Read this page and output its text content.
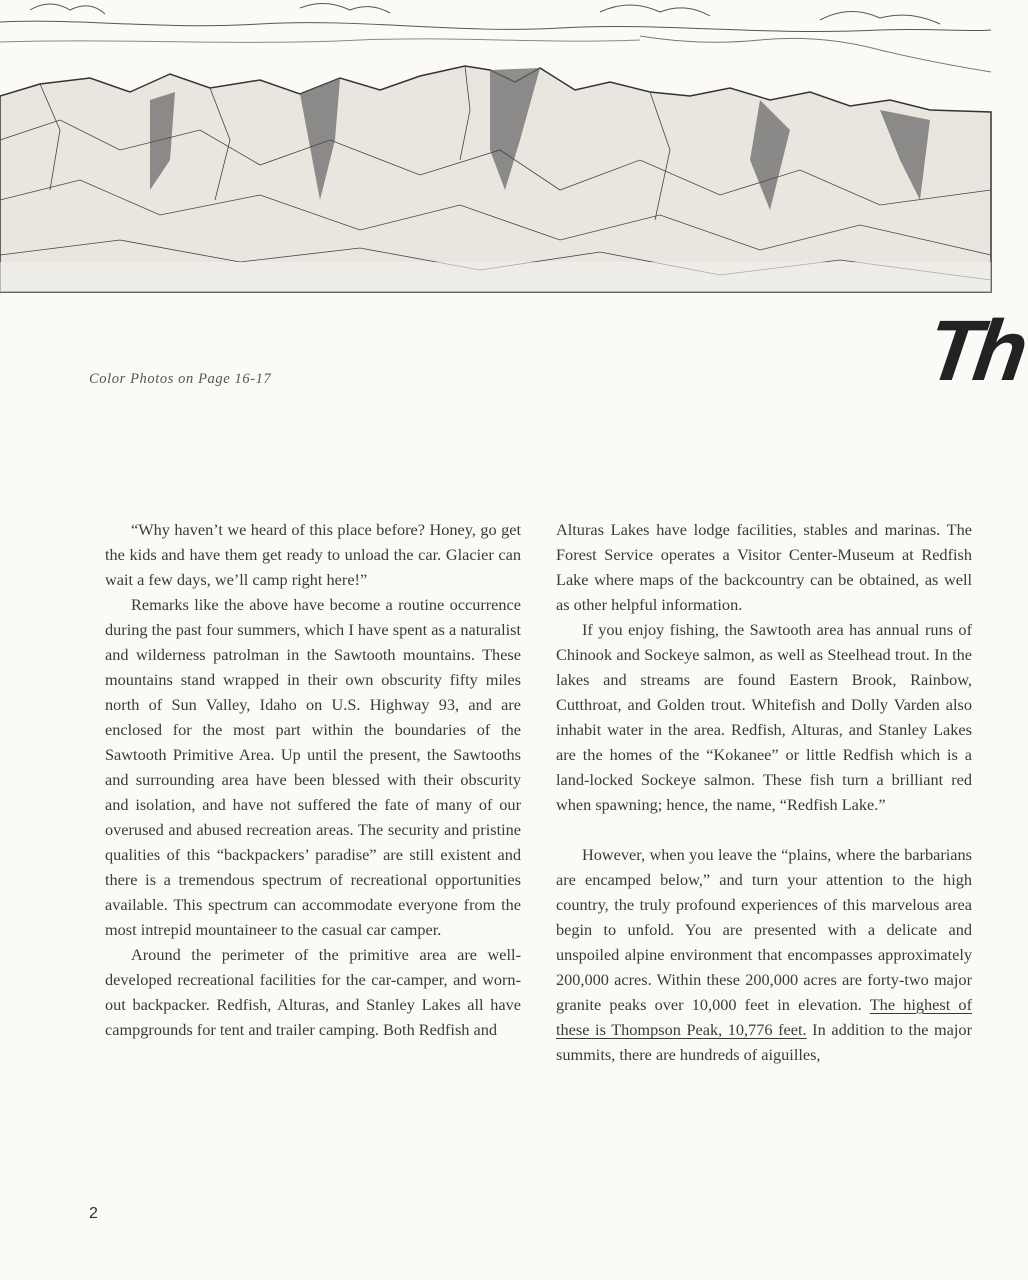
Color Photos on Page 16-17	Th

“Why haven’t we heard of this place before? Honey, go get the kids and have them get ready to unload the car. Glacier can wait a few days, we’ll camp right here!”

Remarks like the above have become a routine occurrence during the past four summers, which I have spent as a naturalist and wilderness patrolman in the Sawtooth mountains. These mountains stand wrapped in their own obscurity fifty miles north of Sun Valley, Idaho on U.S. Highway 93, and are enclosed for the most part within the boundaries of the Sawtooth Primitive Area. Up until the present, the Sawtooths and surrounding area have been blessed with their obscurity and isolation, and have not suffered the fate of many of our overused and abused recreation areas. The security and pristine qualities of this “backpackers’ paradise” are still existent and there is a tremendous spectrum of recreational opportunities available. This spectrum can accommodate everyone from the most intrepid mountaineer to the casual car camper.

Around the perimeter of the primitive area are well-developed recreational facilities for the car-camper, and worn-out backpacker. Redfish, Alturas, and Stanley Lakes all have campgrounds for tent and trailer camping. Both Redfish and

Alturas Lakes have lodge facilities, stables and marinas. The Forest Service operates a Visitor Center-Museum at Redfish Lake where maps of the backcountry can be obtained, as well as other helpful information.

If you enjoy fishing, the Sawtooth area has annual runs of Chinook and Sockeye salmon, as well as Steelhead trout. In the lakes and streams are found Eastern Brook, Rainbow, Cutthroat, and Golden trout. Whitefish and Dolly Varden also inhabit water in the area. Redfish, Alturas, and Stanley Lakes are the homes of the “Kokanee” or little Redfish which is a land-locked Sockeye salmon. These fish turn a brilliant red when spawning; hence, the name, “Redfish Lake.”

However, when you leave the “plains, where the barbarians are encamped below,” and turn your attention to the high country, the truly profound experiences of this marvelous area begin to unfold. You are presented with a delicate and unspoiled alpine environment that encompasses approximately 200,000 acres. Within these 200,000 acres are forty-two major granite peaks over 10,000 feet in elevation. The highest of these is Thompson Peak, 10,776 feet. In addition to the major summits, there are hundreds of aiguilles,

2
